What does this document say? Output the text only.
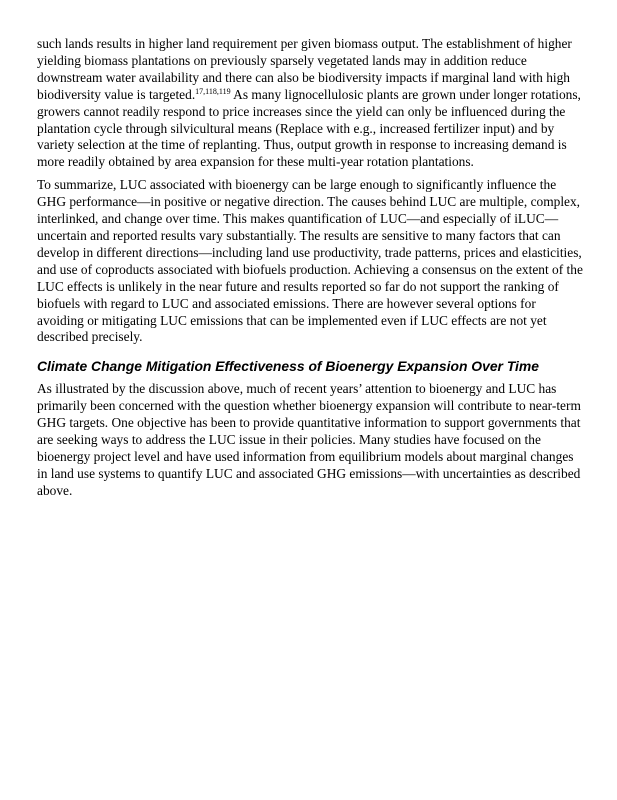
such lands results in higher land requirement per given biomass output. The establishment of higher yielding biomass plantations on previously sparsely vegetated lands may in addition reduce downstream water availability and there can also be biodiversity impacts if marginal land with high biodiversity value is targeted.$^{17,118,119}$ As many lignocellulosic plants are grown under longer rotations, growers cannot readily respond to price increases since the yield can only be influenced during the plantation cycle through silvicultural means (Replace with e.g., increased fertilizer input) and by variety selection at the time of replanting. Thus, output growth in response to increasing demand is more readily obtained by area expansion for these multi-year rotation plantations.

To summarize, LUC associated with bioenergy can be large enough to significantly influence the GHG performance—in positive or negative direction. The causes behind LUC are multiple, complex, interlinked, and change over time. This makes quantification of LUC—and especially of iLUC—uncertain and reported results vary substantially. The results are sensitive to many factors that can develop in different directions—including land use productivity, trade patterns, prices and elasticities, and use of coproducts associated with biofuels production. Achieving a consensus on the extent of the LUC effects is unlikely in the near future and results reported so far do not support the ranking of biofuels with regard to LUC and associated emissions. There are however several options for avoiding or mitigating LUC emissions that can be implemented even if LUC effects are not yet described precisely.

Climate Change Mitigation Effectiveness of Bioenergy Expansion Over Time

As illustrated by the discussion above, much of recent years’ attention to bioenergy and LUC has primarily been concerned with the question whether bioenergy expansion will contribute to near-term GHG targets. One objective has been to provide quantitative information to support governments that are seeking ways to address the LUC issue in their policies. Many studies have focused on the bioenergy project level and have used information from equilibrium models about marginal changes in land use systems to quantify LUC and associated GHG emissions—with uncertainties as described above.
